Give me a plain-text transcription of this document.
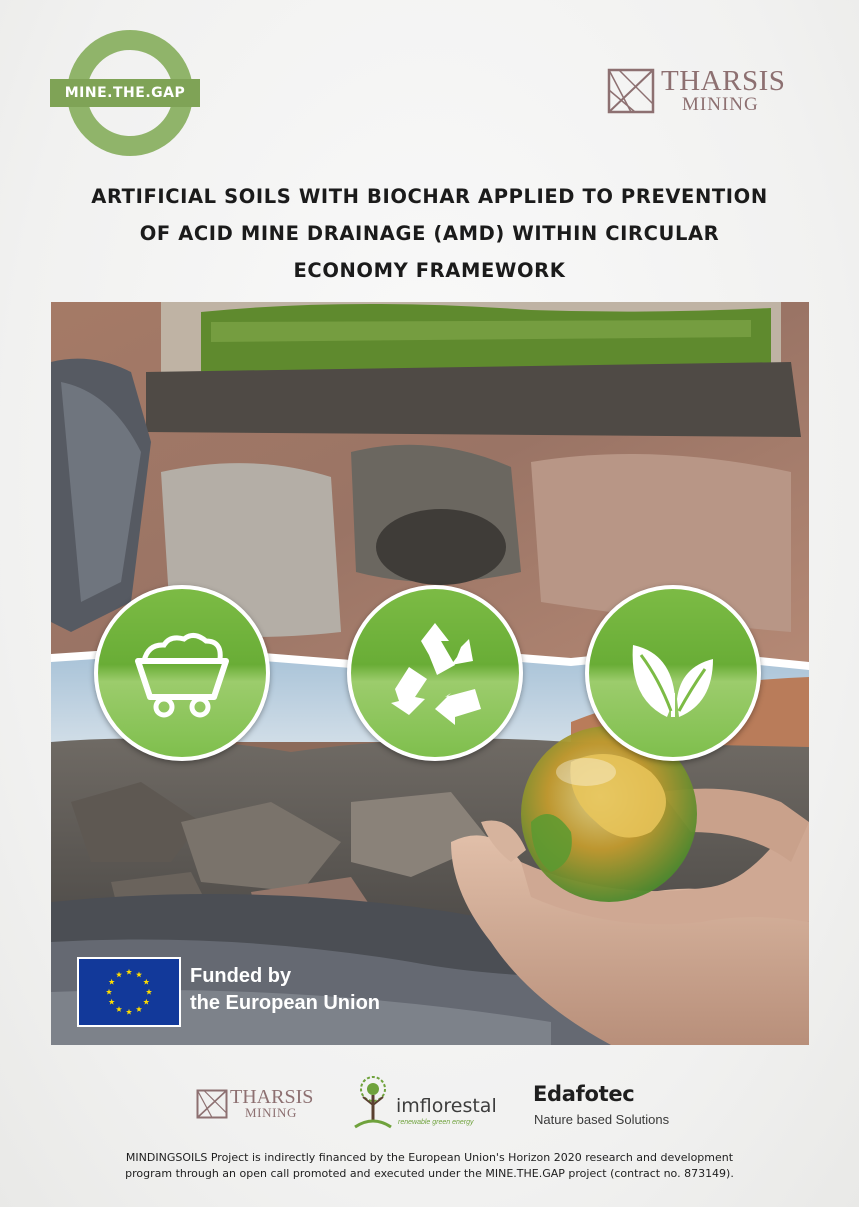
MINE.THE.GAP	THARSIS
MINING
ARTIFICIAL SOILS WITH BIOCHAR APPLIED TO PREVENTION
OF ACID MINE DRAINAGE (AMD) WITHIN CIRCULAR
ECONOMY FRAMEWORK
Funded by
the European Union
THARSIS
MINING	imflorestal
renewable green energy
Edafotec
Nature based Solutions
MINDINGSOILS Project is indirectly financed by the European Union's Horizon 2020 research and development
program through an open call promoted and executed under the MINE.THE.GAP project (contract no. 873149).
